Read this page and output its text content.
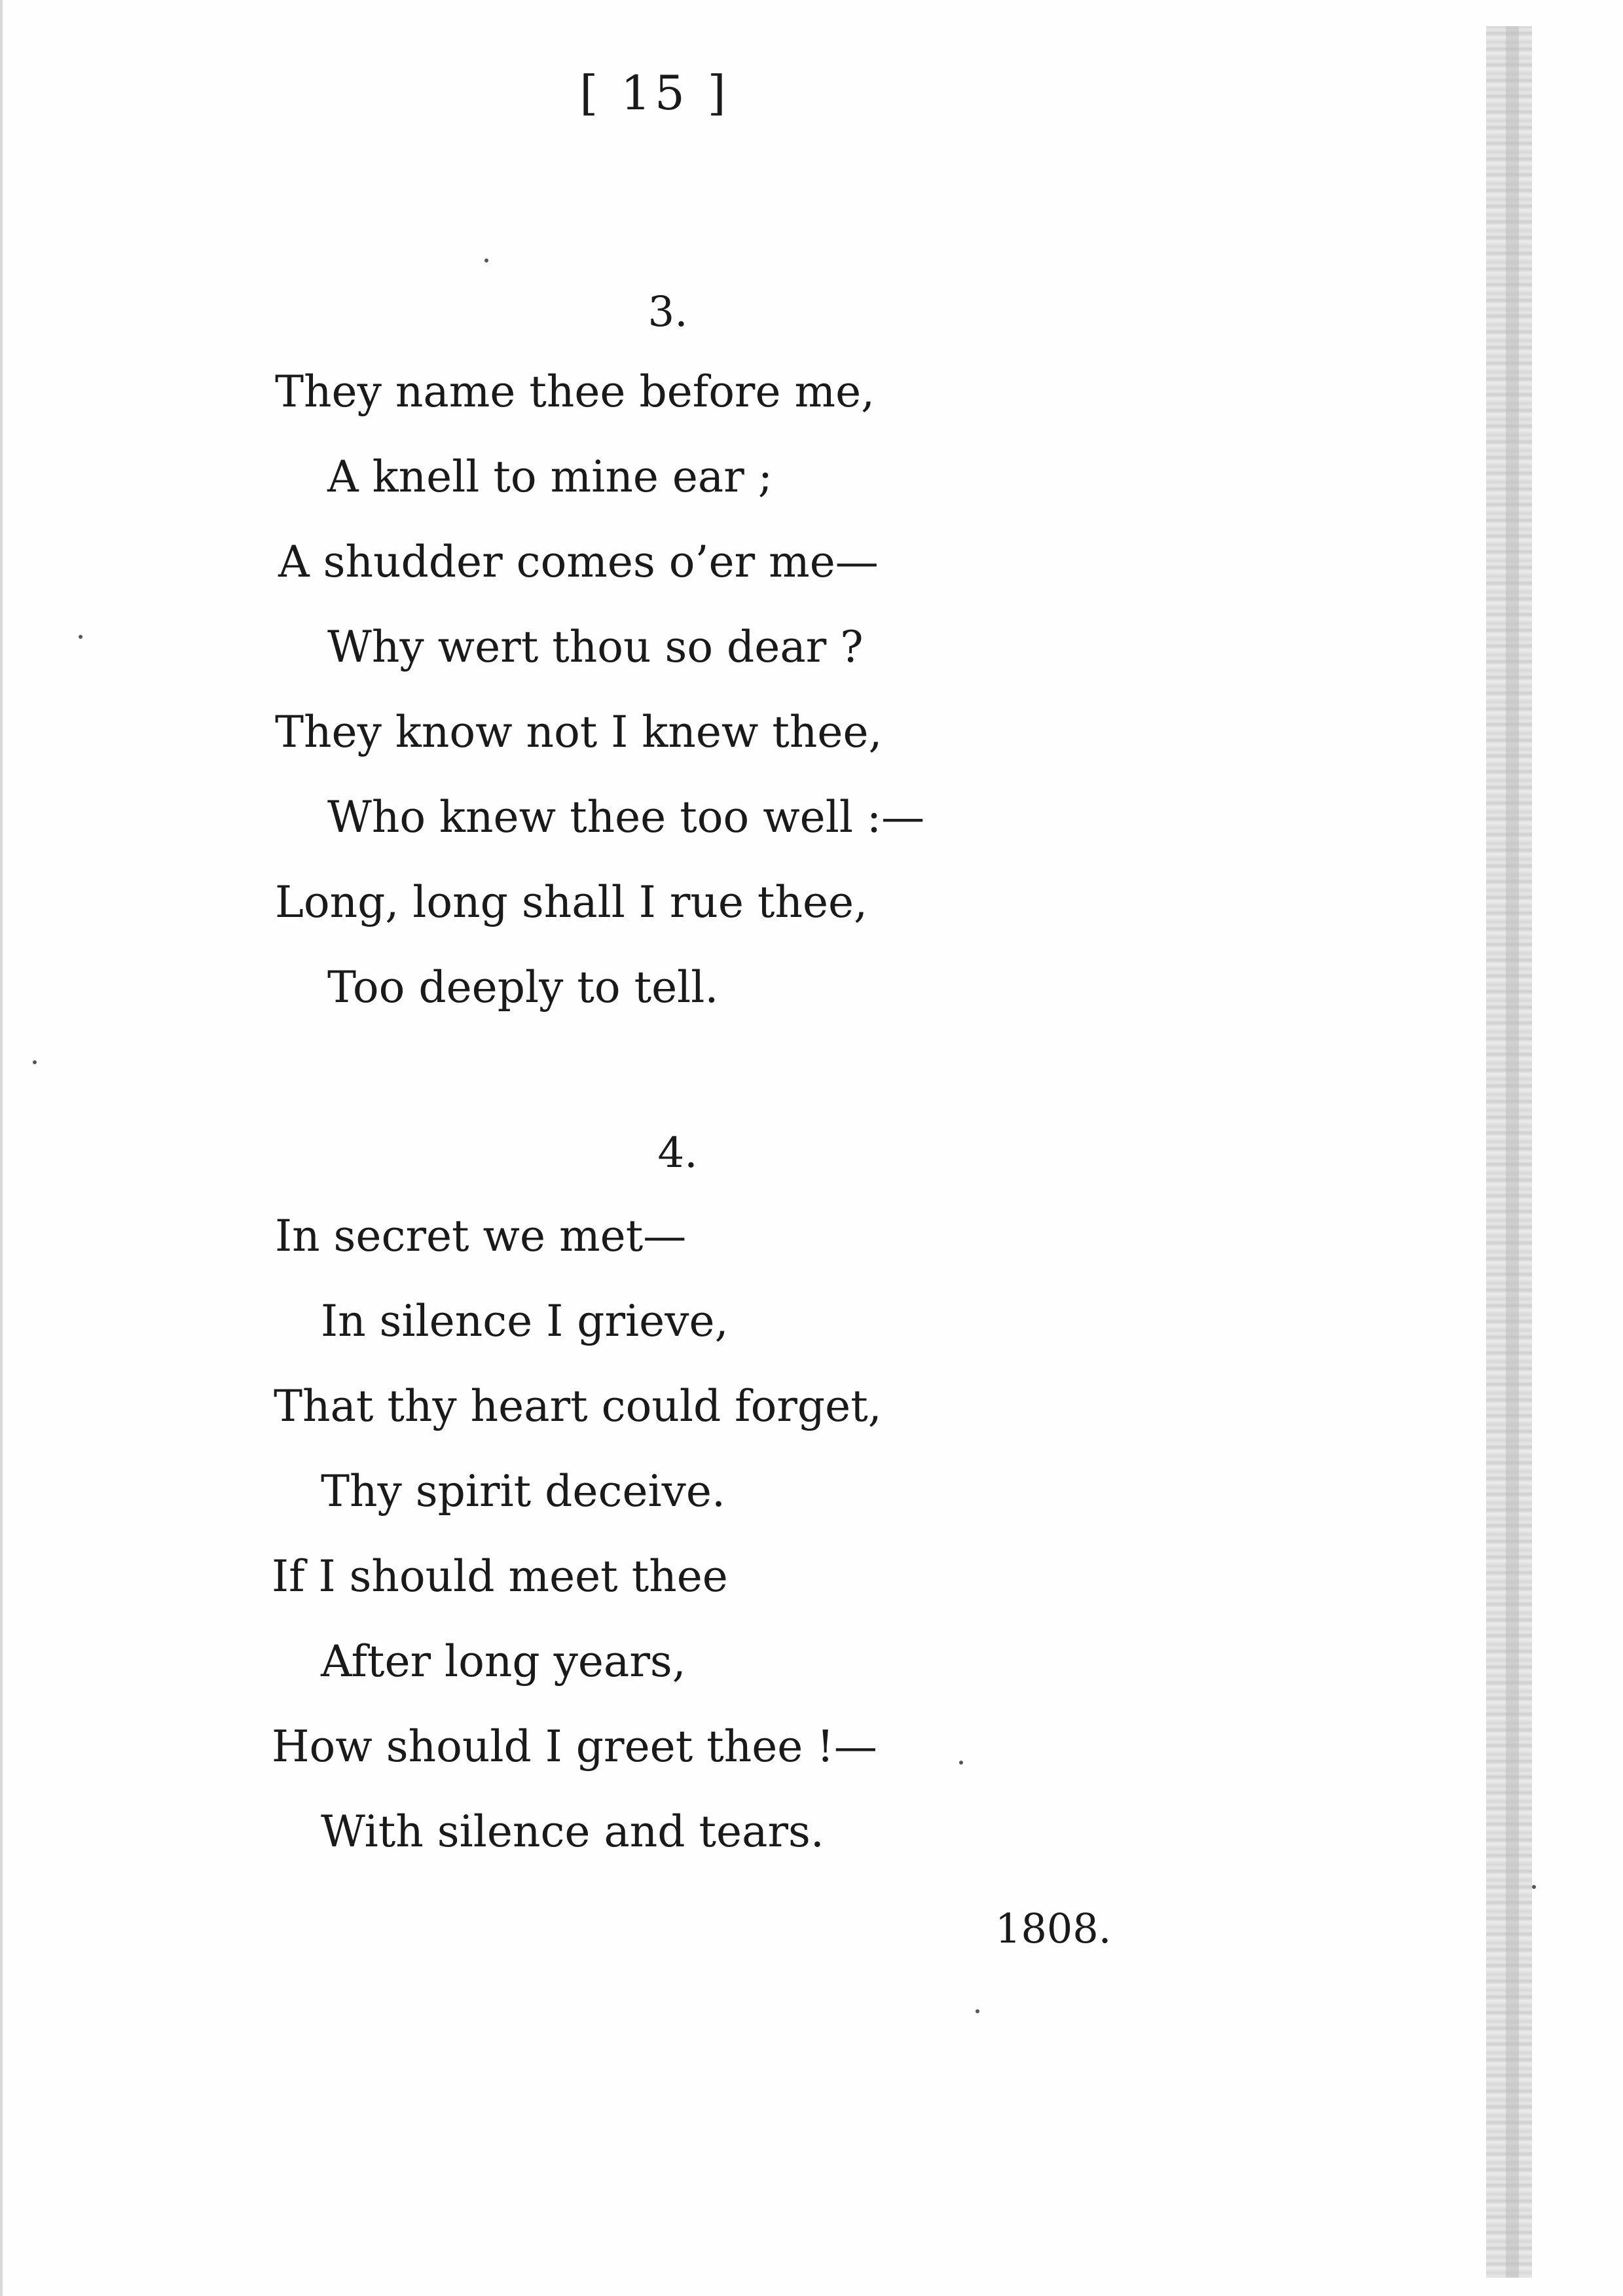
[ 15 ]
3.
They name thee before me,
A knell to mine ear ;
A shudder comes o’er me—
Why wert thou so dear ?
They know not I knew thee,
Who knew thee too well :—
Long, long shall I rue thee,
Too deeply to tell.
4.
In secret we met—
In silence I grieve,
That thy heart could forget,
Thy spirit deceive.
If I should meet thee
After long years,
How should I greet thee !—
With silence and tears.
1808.
